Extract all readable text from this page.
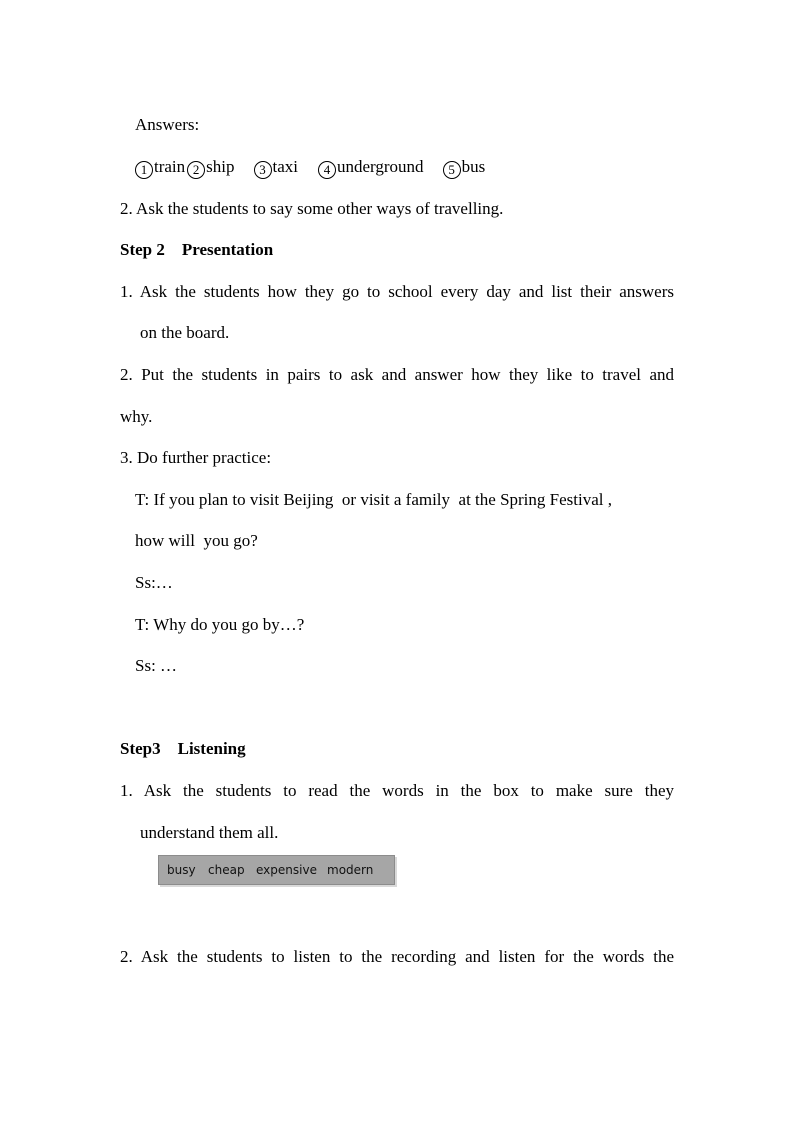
Answers:
1 train 2 ship 3 taxi 4 underground 5 bus
2. Ask the students to say some other ways of travelling.
Step 2    Presentation
1. Ask the students how they go to school every day and list their answers
on the board.
2. Put the students in pairs to ask and answer how they like to travel and
why.
3. Do further practice:
T: If you plan to visit Beijing  or visit a family  at the Spring Festival ,
how will  you go?
Ss:…
T: Why do you go by…?
Ss: …
Step3    Listening
1. Ask the students to read the words in the box to make sure they
understand them all.
busy cheap expensive modern
2. Ask the students to listen to the recording and listen for the words the
